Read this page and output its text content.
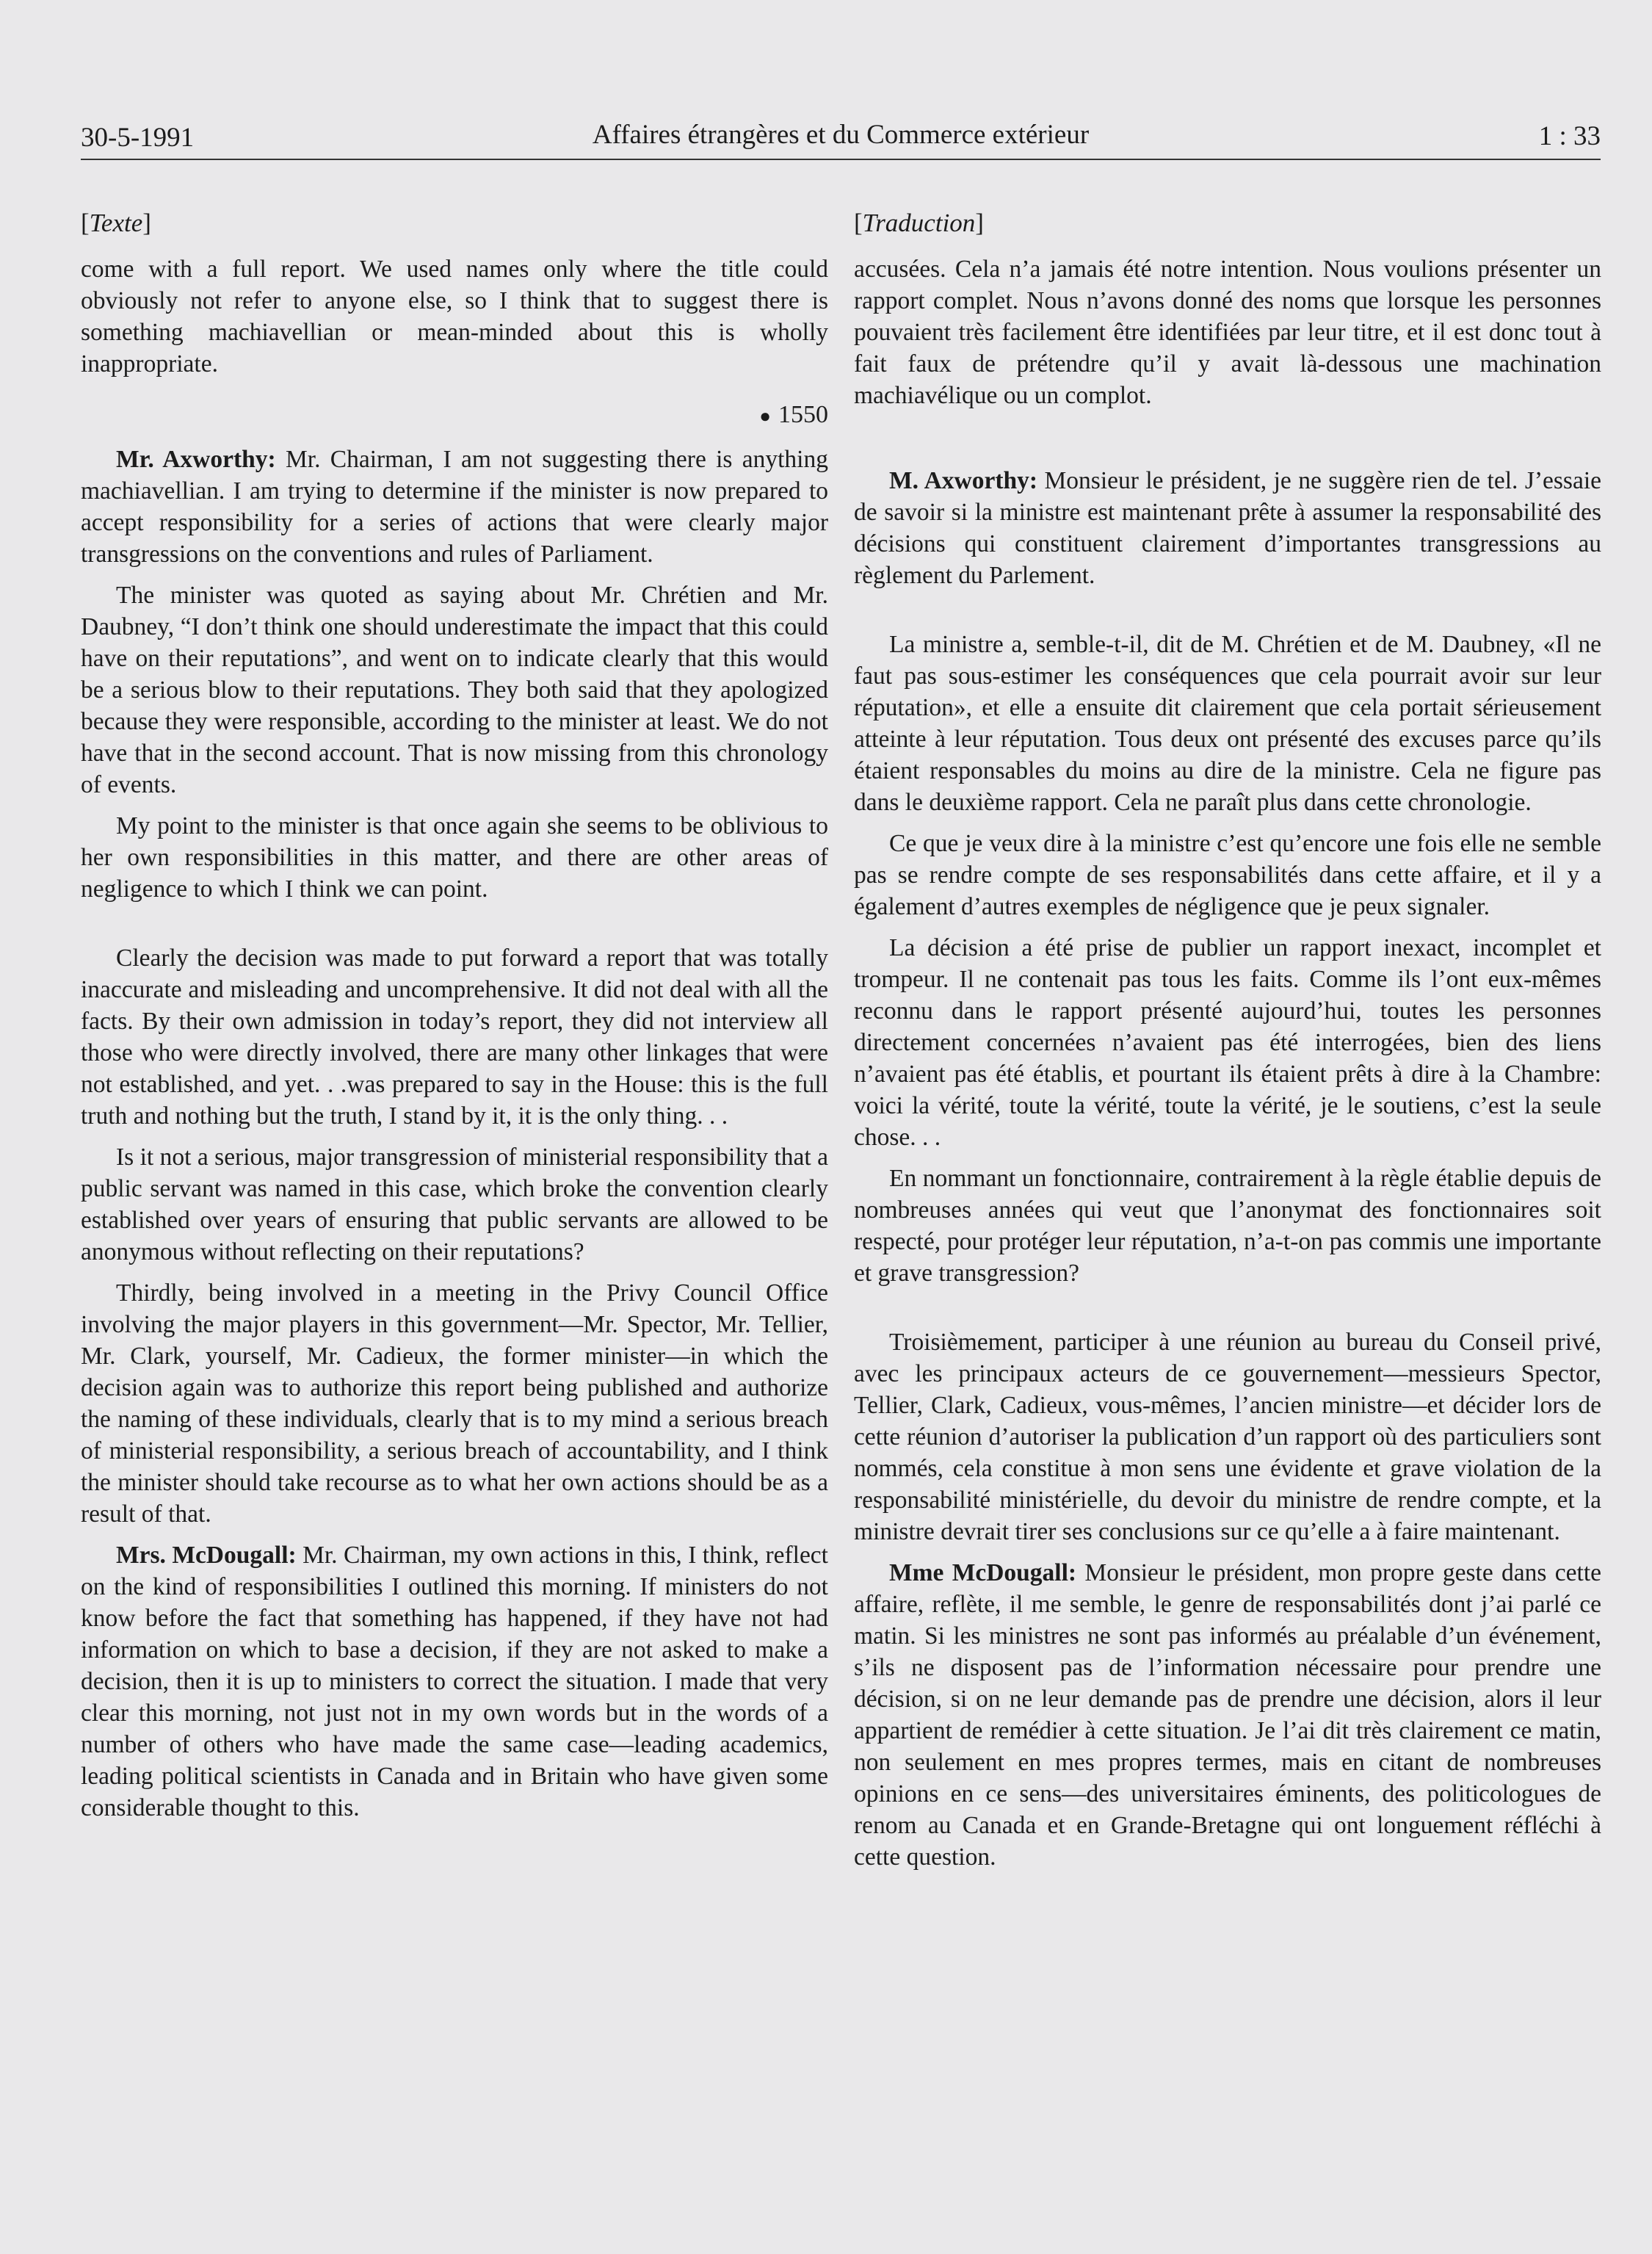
30-5-1991	Affaires étrangères et du Commerce extérieur	1 : 33
[Texte]

come with a full report. We used names only where the title could obviously not refer to anyone else, so I think that to suggest there is something machiavellian or mean-minded about this is wholly inappropriate.

● 1550

Mr. Axworthy: Mr. Chairman, I am not suggesting there is anything machiavellian. I am trying to determine if the minister is now prepared to accept responsibility for a series of actions that were clearly major transgressions on the conventions and rules of Parliament.

The minister was quoted as saying about Mr. Chrétien and Mr. Daubney, “I don’t think one should underestimate the impact that this could have on their reputations”, and went on to indicate clearly that this would be a serious blow to their reputations. They both said that they apologized because they were responsible, according to the minister at least. We do not have that in the second account. That is now missing from this chronology of events.

My point to the minister is that once again she seems to be oblivious to her own responsibilities in this matter, and there are other areas of negligence to which I think we can point.

Clearly the decision was made to put forward a report that was totally inaccurate and misleading and uncomprehensive. It did not deal with all the facts. By their own admission in today’s report, they did not interview all those who were directly involved, there are many other linkages that were not established, and yet. . .was prepared to say in the House: this is the full truth and nothing but the truth, I stand by it, it is the only thing. . .

Is it not a serious, major transgression of ministerial responsibility that a public servant was named in this case, which broke the convention clearly established over years of ensuring that public servants are allowed to be anonymous without reflecting on their reputations?

Thirdly, being involved in a meeting in the Privy Council Office involving the major players in this government—Mr. Spector, Mr. Tellier, Mr. Clark, yourself, Mr. Cadieux, the former minister—in which the decision again was to authorize this report being published and authorize the naming of these individuals, clearly that is to my mind a serious breach of ministerial responsibility, a serious breach of accountability, and I think the minister should take recourse as to what her own actions should be as a result of that.

Mrs. McDougall: Mr. Chairman, my own actions in this, I think, reflect on the kind of responsibilities I outlined this morning. If ministers do not know before the fact that something has happened, if they have not had information on which to base a decision, if they are not asked to make a decision, then it is up to ministers to correct the situation. I made that very clear this morning, not just not in my own words but in the words of a number of others who have made the same case—leading academics, leading political scientists in Canada and in Britain who have given some considerable thought to this.

[Traduction]

accusées. Cela n’a jamais été notre intention. Nous voulions présenter un rapport complet. Nous n’avons donné des noms que lorsque les personnes pouvaient très facilement être identifiées par leur titre, et il est donc tout à fait faux de prétendre qu’il y avait là-dessous une machination machiavélique ou un complot.

M. Axworthy: Monsieur le président, je ne suggère rien de tel. J’essaie de savoir si la ministre est maintenant prête à assumer la responsabilité des décisions qui constituent clairement d’importantes transgressions au règlement du Parlement.

La ministre a, semble-t-il, dit de M. Chrétien et de M. Daubney, «Il ne faut pas sous-estimer les conséquences que cela pourrait avoir sur leur réputation», et elle a ensuite dit clairement que cela portait sérieusement atteinte à leur réputation. Tous deux ont présenté des excuses parce qu’ils étaient responsables du moins au dire de la ministre. Cela ne figure pas dans le deuxième rapport. Cela ne paraît plus dans cette chronologie.

Ce que je veux dire à la ministre c’est qu’encore une fois elle ne semble pas se rendre compte de ses responsabilités dans cette affaire, et il y a également d’autres exemples de négligence que je peux signaler.

La décision a été prise de publier un rapport inexact, incomplet et trompeur. Il ne contenait pas tous les faits. Comme ils l’ont eux-mêmes reconnu dans le rapport présenté aujourd’hui, toutes les personnes directement concernées n’avaient pas été interrogées, bien des liens n’avaient pas été établis, et pourtant ils étaient prêts à dire à la Chambre: voici la vérité, toute la vérité, toute la vérité, je le soutiens, c’est la seule chose. . .

En nommant un fonctionnaire, contrairement à la règle établie depuis de nombreuses années qui veut que l’anonymat des fonctionnaires soit respecté, pour protéger leur réputation, n’a-t-on pas commis une importante et grave transgression?

Troisièmement, participer à une réunion au bureau du Conseil privé, avec les principaux acteurs de ce gouvernement—messieurs Spector, Tellier, Clark, Cadieux, vous-mêmes, l’ancien ministre—et décider lors de cette réunion d’autoriser la publication d’un rapport où des particuliers sont nommés, cela constitue à mon sens une évidente et grave violation de la responsabilité ministérielle, du devoir du ministre de rendre compte, et la ministre devrait tirer ses conclusions sur ce qu’elle a à faire maintenant.

Mme McDougall: Monsieur le président, mon propre geste dans cette affaire, reflète, il me semble, le genre de responsabilités dont j’ai parlé ce matin. Si les ministres ne sont pas informés au préalable d’un événement, s’ils ne disposent pas de l’information nécessaire pour prendre une décision, si on ne leur demande pas de prendre une décision, alors il leur appartient de remédier à cette situation. Je l’ai dit très clairement ce matin, non seulement en mes propres termes, mais en citant de nombreuses opinions en ce sens—des universitaires éminents, des politicologues de renom au Canada et en Grande-Bretagne qui ont longuement réfléchi à cette question.
